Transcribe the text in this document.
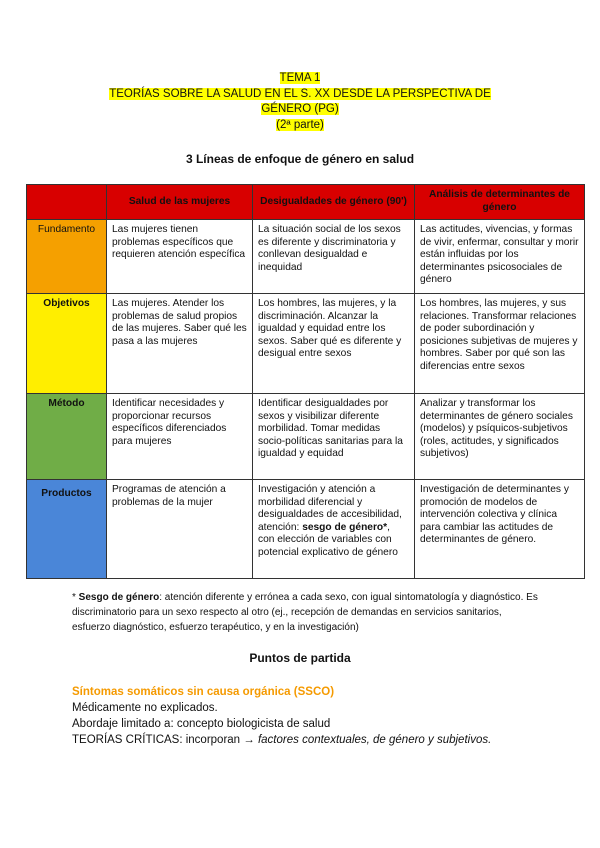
TEMA 1
TEORÍAS SOBRE LA SALUD EN EL S. XX DESDE LA PERSPECTIVA DE
GÉNERO (PG)
(2ª parte)
3 Líneas de enfoque de género en salud
	Salud de las mujeres	Desigualdades de género (90')	Análisis de determinantes de género
Fundamento	Las mujeres tienen problemas específicos que requieren atención específica	La situación social de los sexos es diferente y discriminatoria y conllevan desigualdad e inequidad	Las actitudes, vivencias, y formas de vivir, enfermar, consultar y morir están influidas por los determinantes psicosociales de género
Objetivos	Las mujeres. Atender los problemas de salud propios de las mujeres. Saber qué les pasa a las mujeres	Los hombres, las mujeres, y la discriminación. Alcanzar la igualdad y equidad entre los sexos. Saber qué es diferente y desigual entre sexos	Los hombres, las mujeres, y sus relaciones. Transformar relaciones de poder subordinación y posiciones subjetivas de mujeres y hombres. Saber por qué son las diferencias entre sexos
Método	Identificar necesidades y proporcionar recursos específicos diferenciados para mujeres	Identificar desigualdades por sexos y visibilizar diferente morbilidad. Tomar medidas socio-políticas sanitarias para la igualdad y equidad	Analizar y transformar los determinantes de género sociales (modelos) y psíquicos-subjetivos (roles, actitudes, y significados subjetivos)
Productos	Programas de atención a problemas de la mujer	Investigación y atención a morbilidad diferencial y desigualdades de accesibilidad, atención: sesgo de género*, con elección de variables con potencial explicativo de género	Investigación de determinantes y promoción de modelos de intervención colectiva y clínica para cambiar las actitudes de determinantes de género.
* Sesgo de género: atención diferente y errónea a cada sexo, con igual sintomatología y diagnóstico. Es discriminatorio para un sexo respecto al otro (ej., recepción de demandas en servicios sanitarios, esfuerzo diagnóstico, esfuerzo terapéutico, y en la investigación)
Puntos de partida
Síntomas somáticos sin causa orgánica (SSCO)
Médicamente no explicados.
Abordaje limitado a: concepto biologicista de salud
TEORÍAS CRÍTICAS: incorporan → factores contextuales, de género y subjetivos.
